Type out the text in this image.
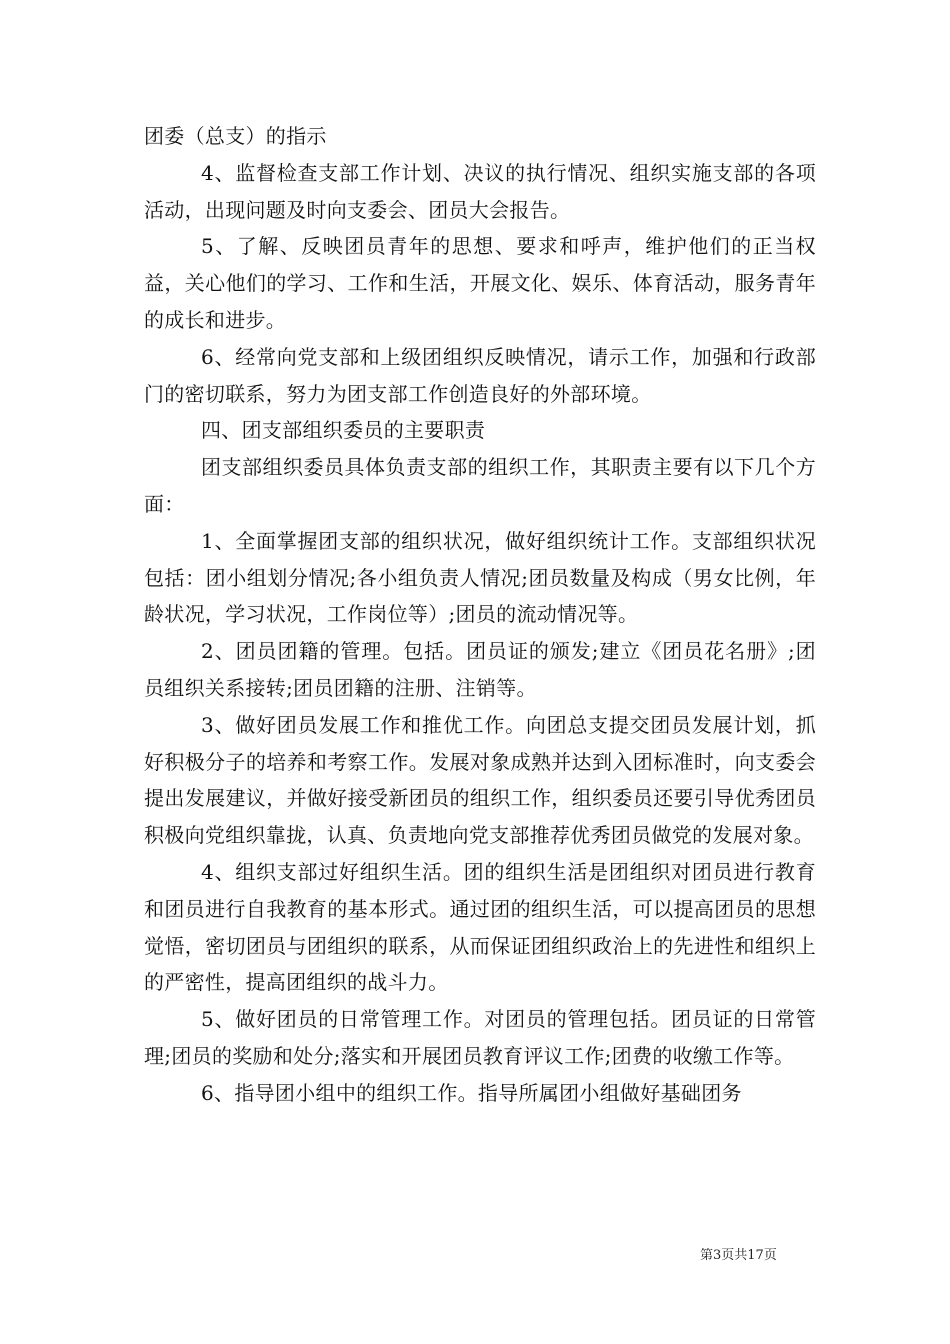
团委（总支）的指示

4、监督检查支部工作计划、决议的执行情况、组织实施支部的各项活动，出现问题及时向支委会、团员大会报告。

5、了解、反映团员青年的思想、要求和呼声，维护他们的正当权益，关心他们的学习、工作和生活，开展文化、娱乐、体育活动，服务青年的成长和进步。

6、经常向党支部和上级团组织反映情况，请示工作，加强和行政部门的密切联系，努力为团支部工作创造良好的外部环境。

四、团支部组织委员的主要职责

团支部组织委员具体负责支部的组织工作，其职责主要有以下几个方面：

1、全面掌握团支部的组织状况，做好组织统计工作。支部组织状况包括：团小组划分情况;各小组负责人情况;团员数量及构成（男女比例，年龄状况，学习状况，工作岗位等）;团员的流动情况等。

2、团员团籍的管理。包括。团员证的颁发;建立《团员花名册》;团员组织关系接转;团员团籍的注册、注销等。

3、做好团员发展工作和推优工作。向团总支提交团员发展计划，抓好积极分子的培养和考察工作。发展对象成熟并达到入团标准时，向支委会提出发展建议，并做好接受新团员的组织工作，组织委员还要引导优秀团员积极向党组织靠拢，认真、负责地向党支部推荐优秀团员做党的发展对象。

4、组织支部过好组织生活。团的组织生活是团组织对团员进行教育和团员进行自我教育的基本形式。通过团的组织生活，可以提高团员的思想觉悟，密切团员与团组织的联系，从而保证团组织政治上的先进性和组织上的严密性，提高团组织的战斗力。

5、做好团员的日常管理工作。对团员的管理包括。团员证的日常管理;团员的奖励和处分;落实和开展团员教育评议工作;团费的收缴工作等。

6、指导团小组中的组织工作。指导所属团小组做好基础团务

第3页共17页
